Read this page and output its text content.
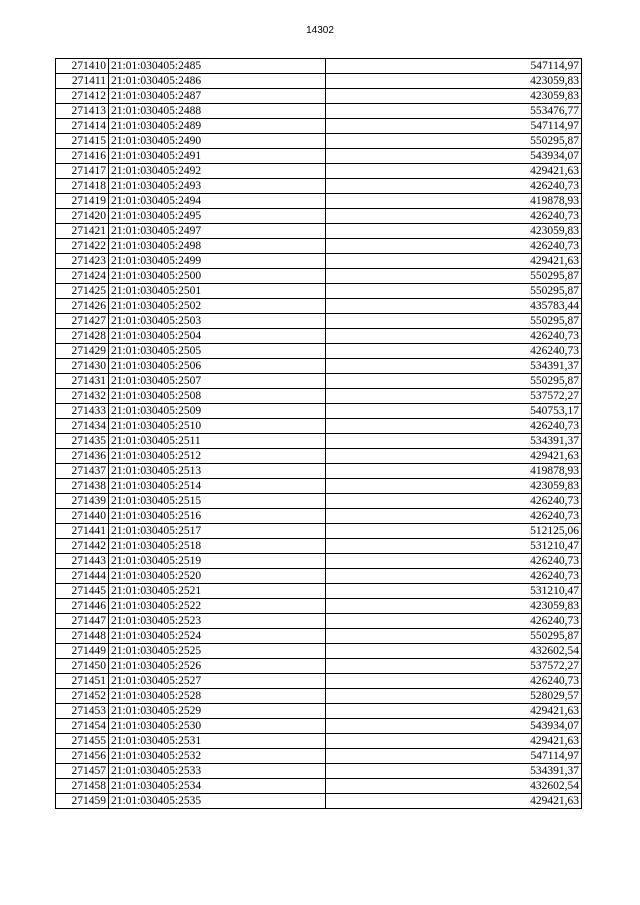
14302
271410	21:01:030405:2485	547114,97
271411	21:01:030405:2486	423059,83
271412	21:01:030405:2487	423059,83
271413	21:01:030405:2488	553476,77
271414	21:01:030405:2489	547114,97
271415	21:01:030405:2490	550295,87
271416	21:01:030405:2491	543934,07
271417	21:01:030405:2492	429421,63
271418	21:01:030405:2493	426240,73
271419	21:01:030405:2494	419878,93
271420	21:01:030405:2495	426240,73
271421	21:01:030405:2497	423059,83
271422	21:01:030405:2498	426240,73
271423	21:01:030405:2499	429421,63
271424	21:01:030405:2500	550295,87
271425	21:01:030405:2501	550295,87
271426	21:01:030405:2502	435783,44
271427	21:01:030405:2503	550295,87
271428	21:01:030405:2504	426240,73
271429	21:01:030405:2505	426240,73
271430	21:01:030405:2506	534391,37
271431	21:01:030405:2507	550295,87
271432	21:01:030405:2508	537572,27
271433	21:01:030405:2509	540753,17
271434	21:01:030405:2510	426240,73
271435	21:01:030405:2511	534391,37
271436	21:01:030405:2512	429421,63
271437	21:01:030405:2513	419878,93
271438	21:01:030405:2514	423059,83
271439	21:01:030405:2515	426240,73
271440	21:01:030405:2516	426240,73
271441	21:01:030405:2517	512125,06
271442	21:01:030405:2518	531210,47
271443	21:01:030405:2519	426240,73
271444	21:01:030405:2520	426240,73
271445	21:01:030405:2521	531210,47
271446	21:01:030405:2522	423059,83
271447	21:01:030405:2523	426240,73
271448	21:01:030405:2524	550295,87
271449	21:01:030405:2525	432602,54
271450	21:01:030405:2526	537572,27
271451	21:01:030405:2527	426240,73
271452	21:01:030405:2528	528029,57
271453	21:01:030405:2529	429421,63
271454	21:01:030405:2530	543934,07
271455	21:01:030405:2531	429421,63
271456	21:01:030405:2532	547114,97
271457	21:01:030405:2533	534391,37
271458	21:01:030405:2534	432602,54
271459	21:01:030405:2535	429421,63
